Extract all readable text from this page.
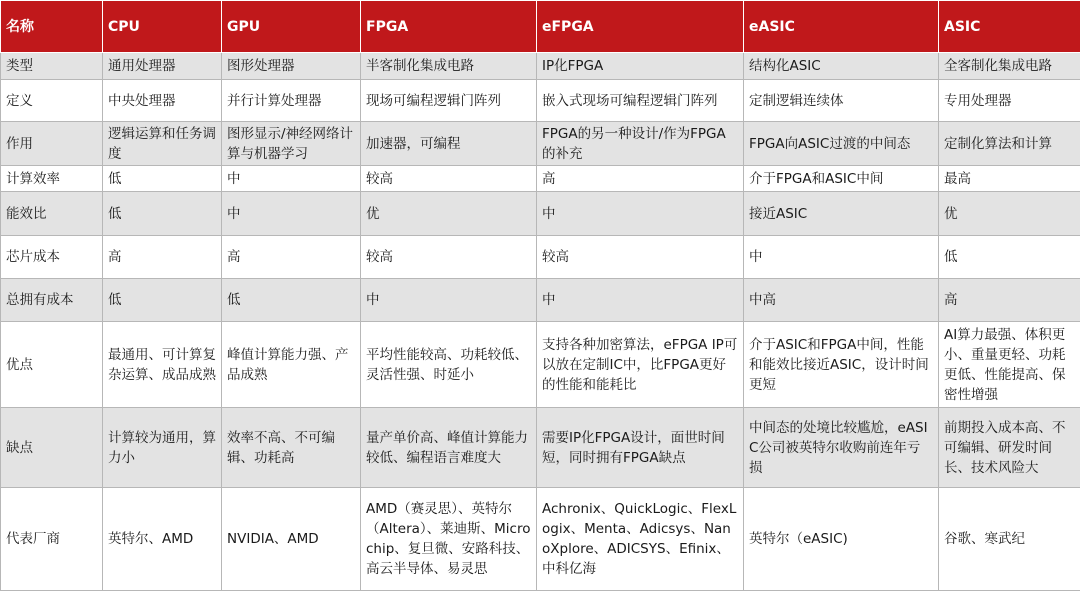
名称	CPU	GPU	FPGA	eFPGA	eASIC	ASIC
类型	通用处理器	图形处理器	半客制化集成电路	IP化FPGA	结构化ASIC	全客制化集成电路
定义	中央处理器	并行计算处理器	现场可编程逻辑门阵列	嵌入式现场可编程逻辑门阵列	定制逻辑连续体	专用处理器
作用	逻辑运算和任务调度	图形显示/神经网络计算与机器学习	加速器，可编程	FPGA的另一种设计/作为FPGA的补充	FPGA向ASIC过渡的中间态	定制化算法和计算
计算效率	低	中	较高	高	介于FPGA和ASIC中间	最高
能效比	低	中	优	中	接近ASIC	优
芯片成本	高	高	较高	较高	中	低
总拥有成本	低	低	中	中	中高	高
优点	最通用、可计算复杂运算、成品成熟	峰值计算能力强、产品成熟	平均性能较高、功耗较低、灵活性强、时延小	支持各种加密算法，eFPGA IP可以放在定制IC中，比FPGA更好的性能和能耗比	介于ASIC和FPGA中间，性能和能效比接近ASIC，设计时间更短	AI算力最强、体积更小、重量更轻、功耗更低、性能提高、保密性增强
缺点	计算较为通用，算力小	效率不高、不可编辑、功耗高	量产单价高、峰值计算能力较低、编程语言难度大	需要IP化FPGA设计，面世时间短，同时拥有FPGA缺点	中间态的处境比较尴尬，eASIC公司被英特尔收购前连年亏损	前期投入成本高、不可编辑、研发时间长、技术风险大
代表厂商	英特尔、AMD	NVIDIA、AMD	AMD（赛灵思）、英特尔（Altera）、莱迪斯、Microchip、复旦微、安路科技、高云半导体、易灵思	Achronix、QuickLogic、FlexLogix、Menta、Adicsys、NanoXplore、ADICSYS、Efinix、中科亿海	英特尔（eASIC)	谷歌、寒武纪
